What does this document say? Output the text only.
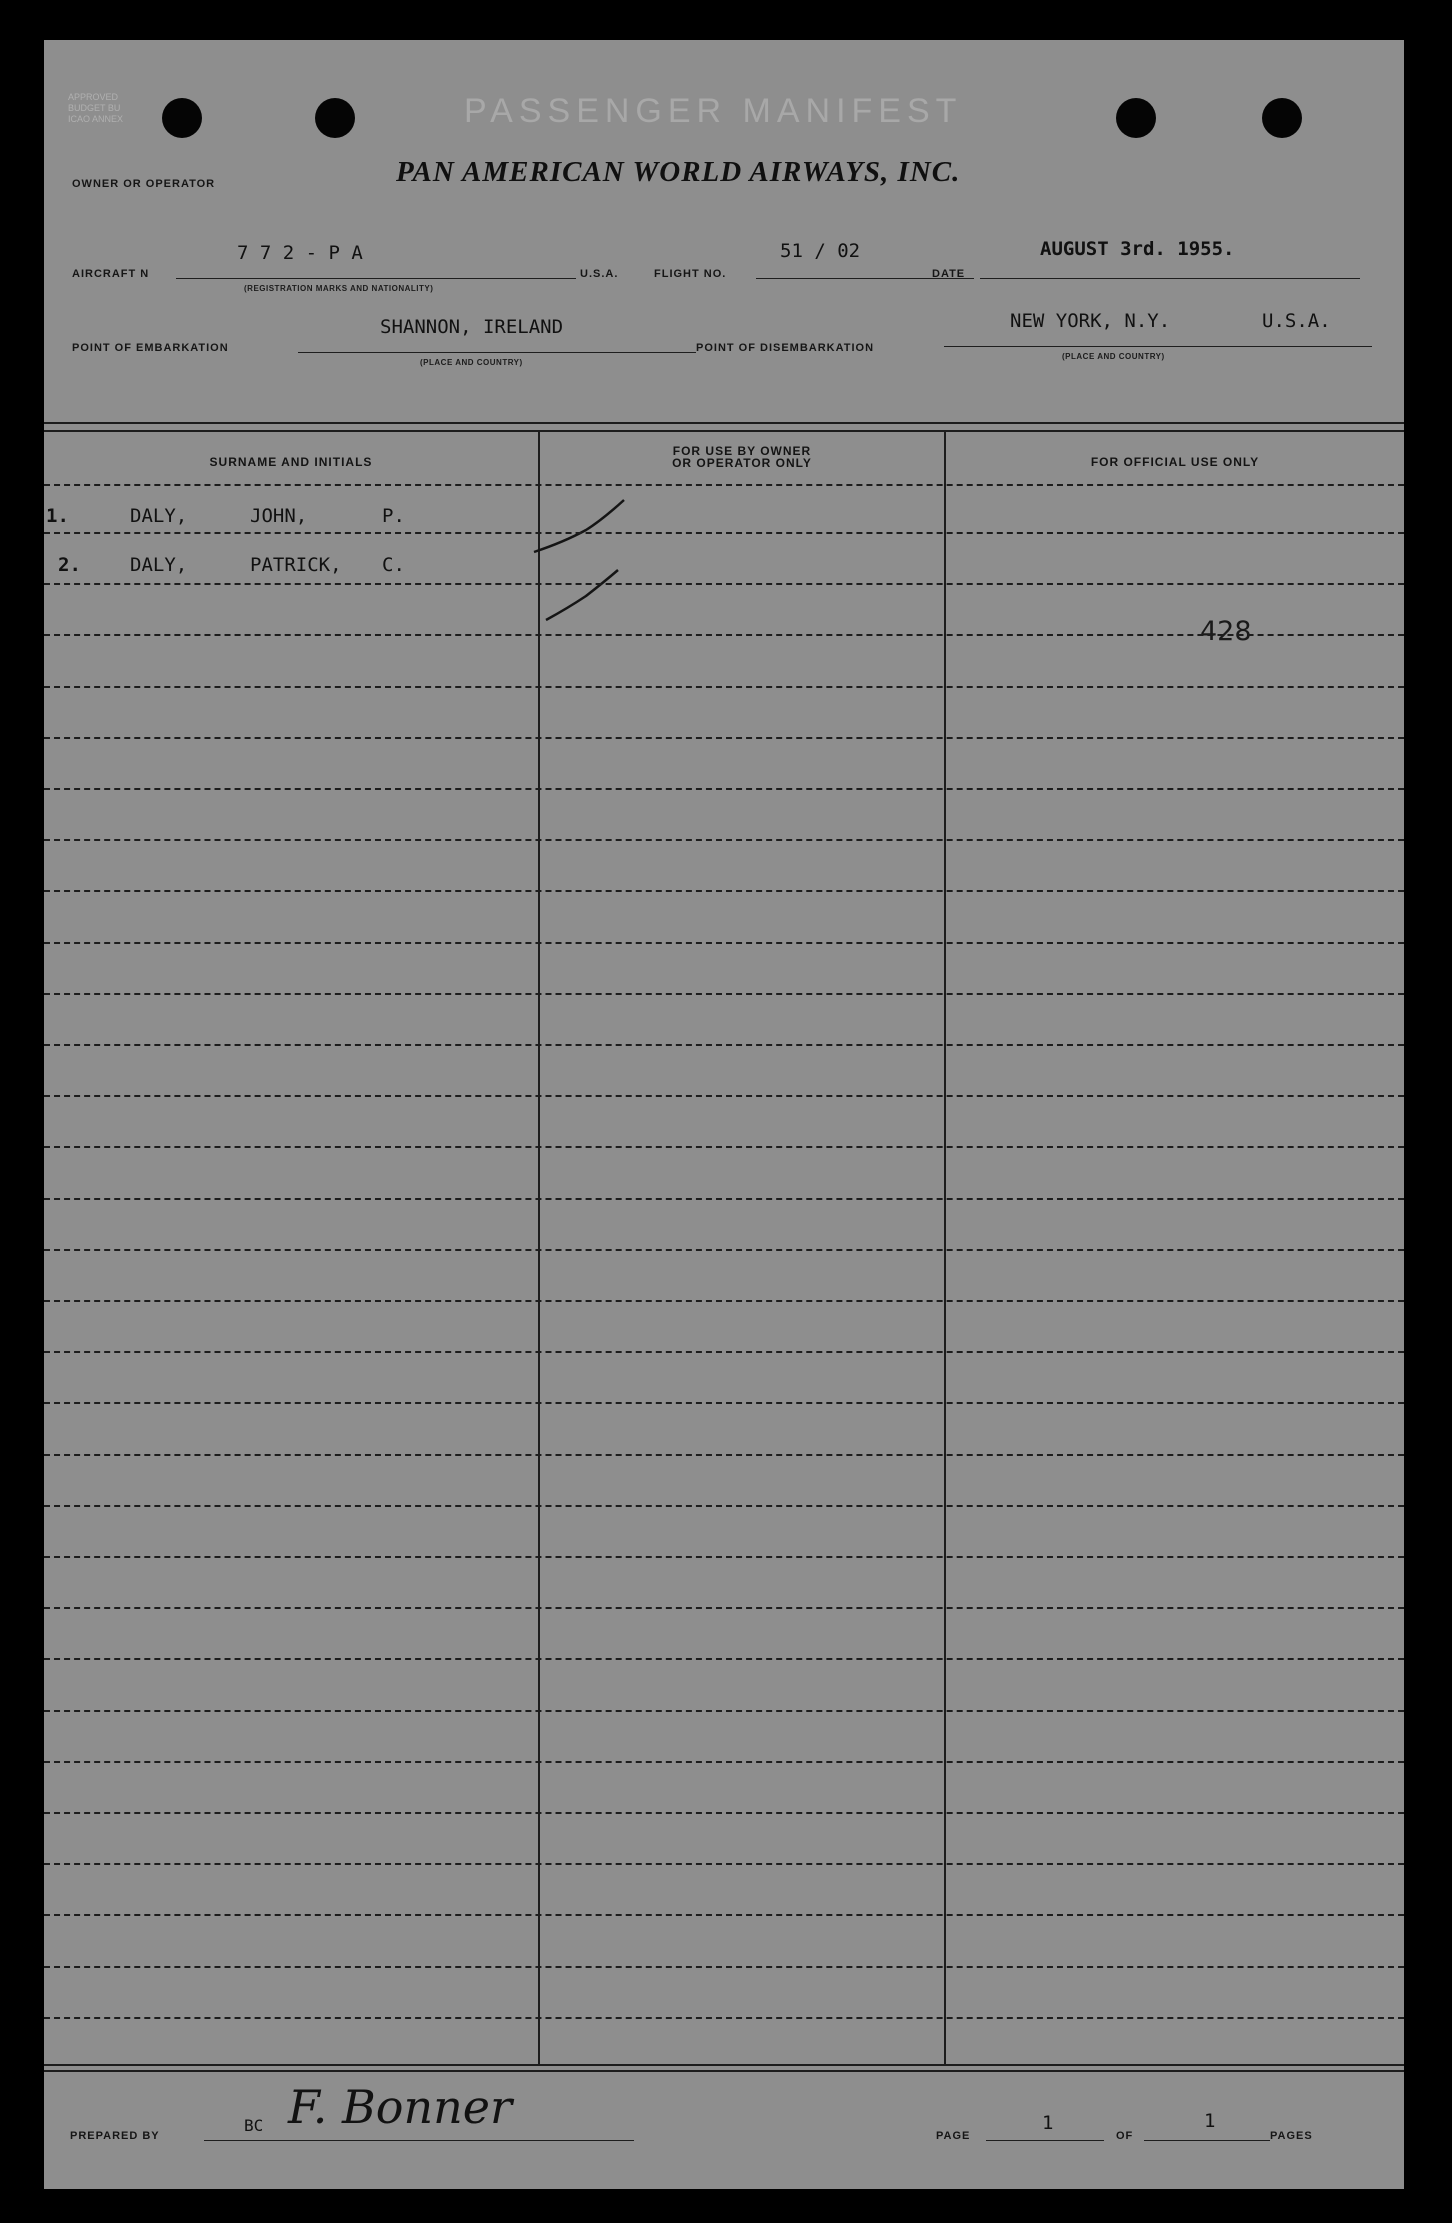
APPROVED
BUDGET BU
ICAO ANNEX	PASSENGER MANIFEST
OWNER OR OPERATOR	PAN AMERICAN WORLD AIRWAYS, INC.
AIRCRAFT N
7 7 2 - P A
(REGISTRATION MARKS AND NATIONALITY)
U.S.A.	FLIGHT NO.
51 / 02
DATE
AUGUST 3rd. 1955.
POINT OF EMBARKATION
SHANNON, IRELAND
(PLACE AND COUNTRY)
POINT OF DISEMBARKATION
NEW YORK, N.Y.	U.S.A.
(PLACE AND COUNTRY)
SURNAME AND INITIALS
FOR USE BY OWNER
OR OPERATOR ONLY	FOR OFFICIAL USE ONLY
1.	DALY,	JOHN,	P.
2.	DALY,	PATRICK, C.
428
PREPARED BY
BC F. Bonner
PAGE
1
OF
1
PAGES
